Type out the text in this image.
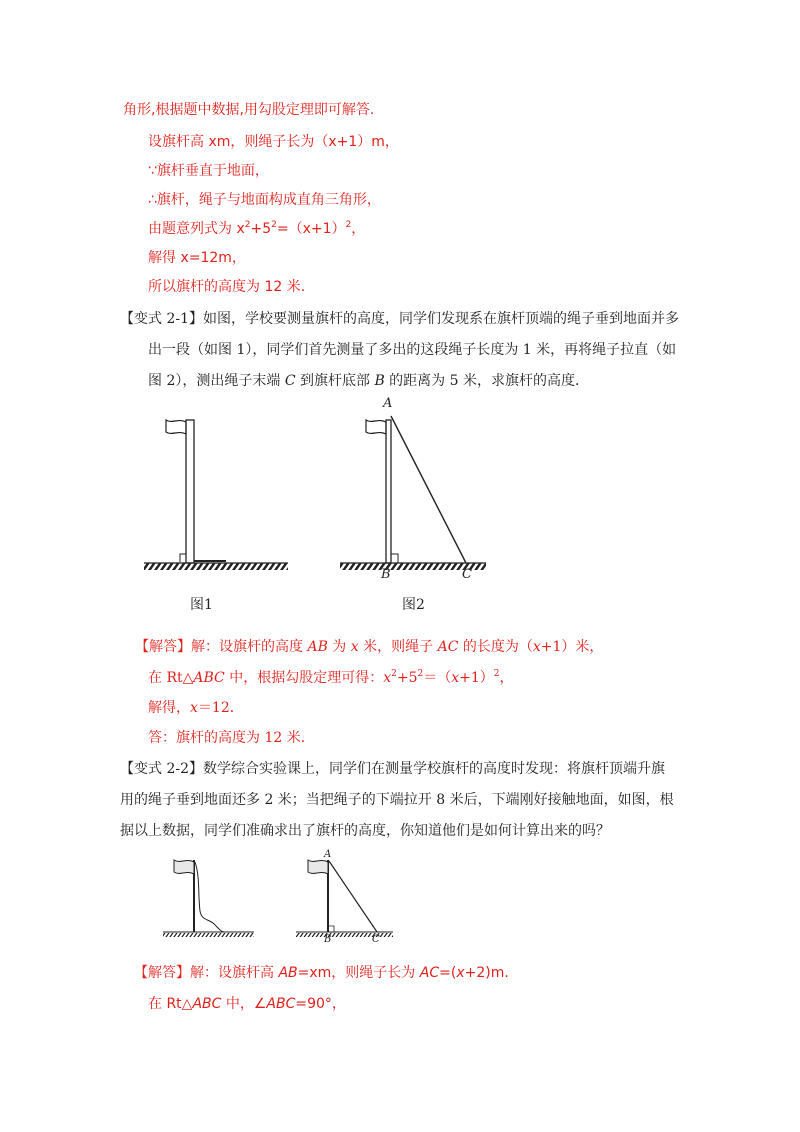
角形,根据题中数据,用勾股定理即可解答.
设旗杆高 xm，则绳子长为（x+1）m，
∵旗杆垂直于地面，
∴旗杆，绳子与地面构成直角三角形，
由题意列式为 $x^2+5^2=(x+1)^2$，
解得 x=12m，
所以旗杆的高度为 12 米．
【变式 2-1】如图，学校要测量旗杆的高度，同学们发现系在旗杆顶端的绳子垂到地面并多
出一段（如图 1），同学们首先测量了多出的这段绳子长度为 1 米，再将绳子拉直（如
图 2），测出绳子末端 C 到旗杆底部 B 的距离为 5 米，求旗杆的高度．
图1
A
B	C
图2
【解答】解：设旗杆的高度 AB 为 x 米，则绳子 AC 的长度为（x+1）米，
在 Rt△ABC 中，根据勾股定理可得：$x^2+5^2=(x+1)^2$，
解得，x＝12．
答：旗杆的高度为 12 米．
【变式 2-2】数学综合实验课上，同学们在测量学校旗杆的高度时发现：将旗杆顶端升旗
用的绳子垂到地面还多 2 米；当把绳子的下端拉开 8 米后，下端刚好接触地面，如图，根
据以上数据，同学们准确求出了旗杆的高度，你知道他们是如何计算出来的吗？
A
B	C
【解答】解：设旗杆高 AB=xm，则绳子长为 AC=(x+2)m.
在 Rt△ABC 中，∠ABC=90°，
